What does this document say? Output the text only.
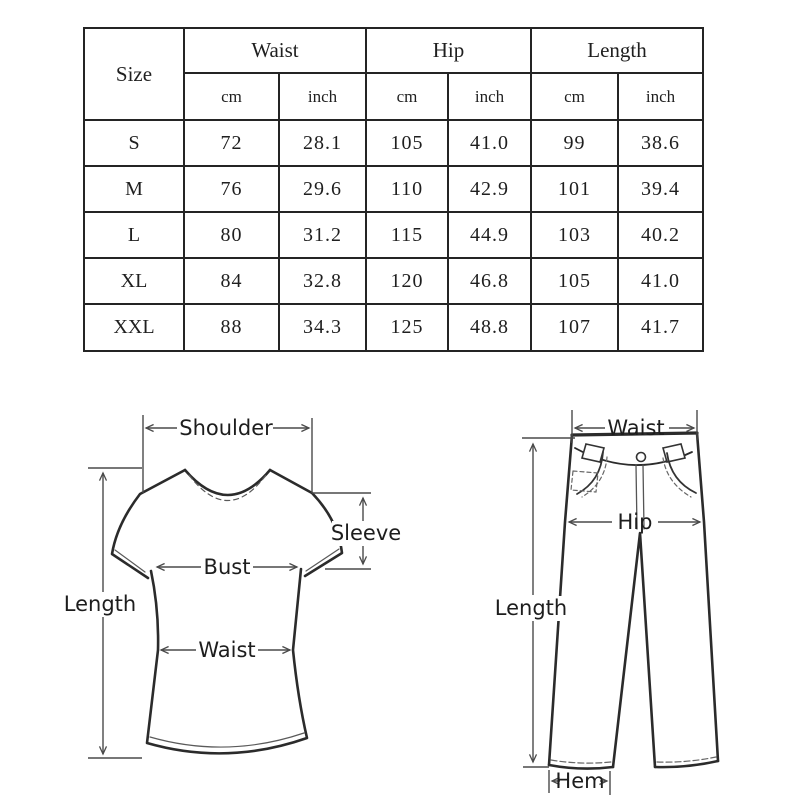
Size	Waist		Hip		Length	
	cm	inch	cm	inch	cm	inch
S	72	28.1	105	41.0	99	38.6
M	76	29.6	110	42.9	101	39.4
L	80	31.2	115	44.9	103	40.2
XL	84	32.8	120	46.8	105	41.0
XXL	88	34.3	125	48.8	107	41.7
Shoulder
Length
Bust
Waist
Sleeve
Waist
Hip
Length
Hem
